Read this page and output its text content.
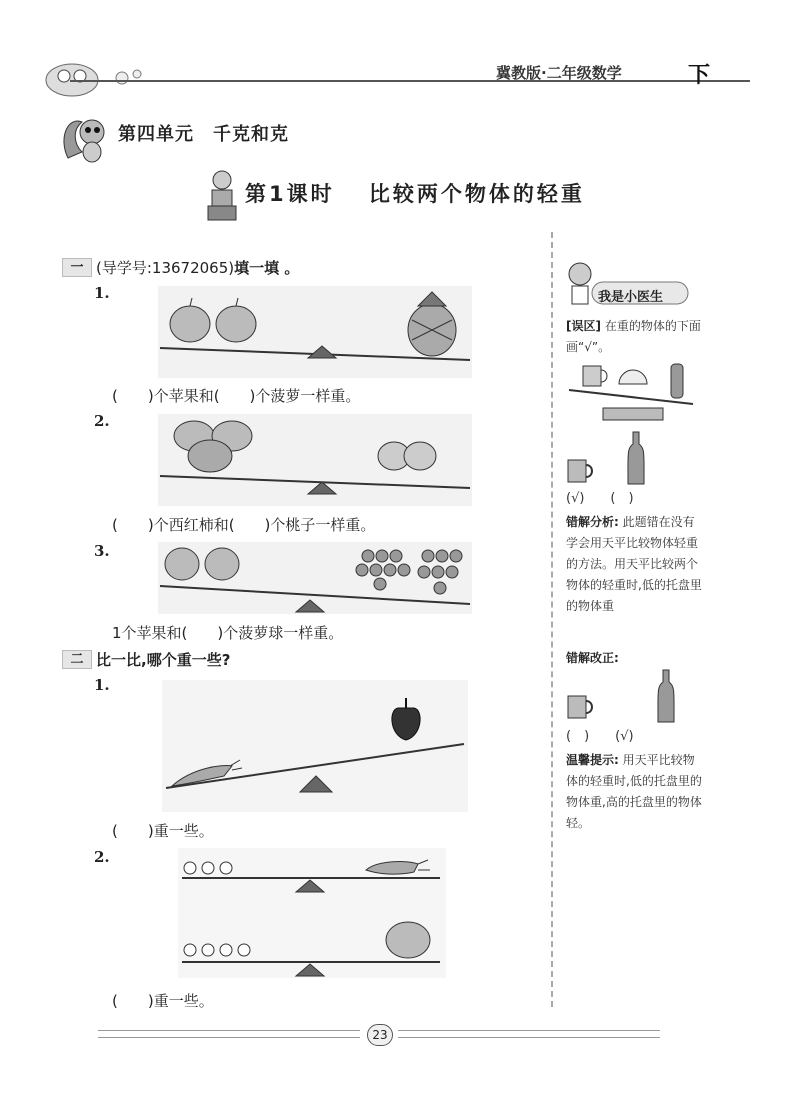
冀教版·二年级数学	下
第四单元　千克和克
第1课时　 比较两个物体的轻重
一 (导学号:13672065)填一填 。
1.
(　　)个苹果和(　　)个菠萝一样重。
2.
(　　)个西红柿和(　　)个桃子一样重。
3.
1个苹果和(　　)个菠萝球一样重。
二 比一比,哪个重一些?
1.
(　　)重一些。
2.
(　　)重一些。
我是小医生
[误区] 在重的物体的下面画“√”。
(√)　　(　)
错解分析: 此题错在没有学会用天平比较物体轻重的方法。用天平比较两个物体的轻重时,低的托盘里的物体重
错解改正:
(　)　　(√)
温馨提示: 用天平比较物体的轻重时,低的托盘里的物体重,高的托盘里的物体轻。
23
